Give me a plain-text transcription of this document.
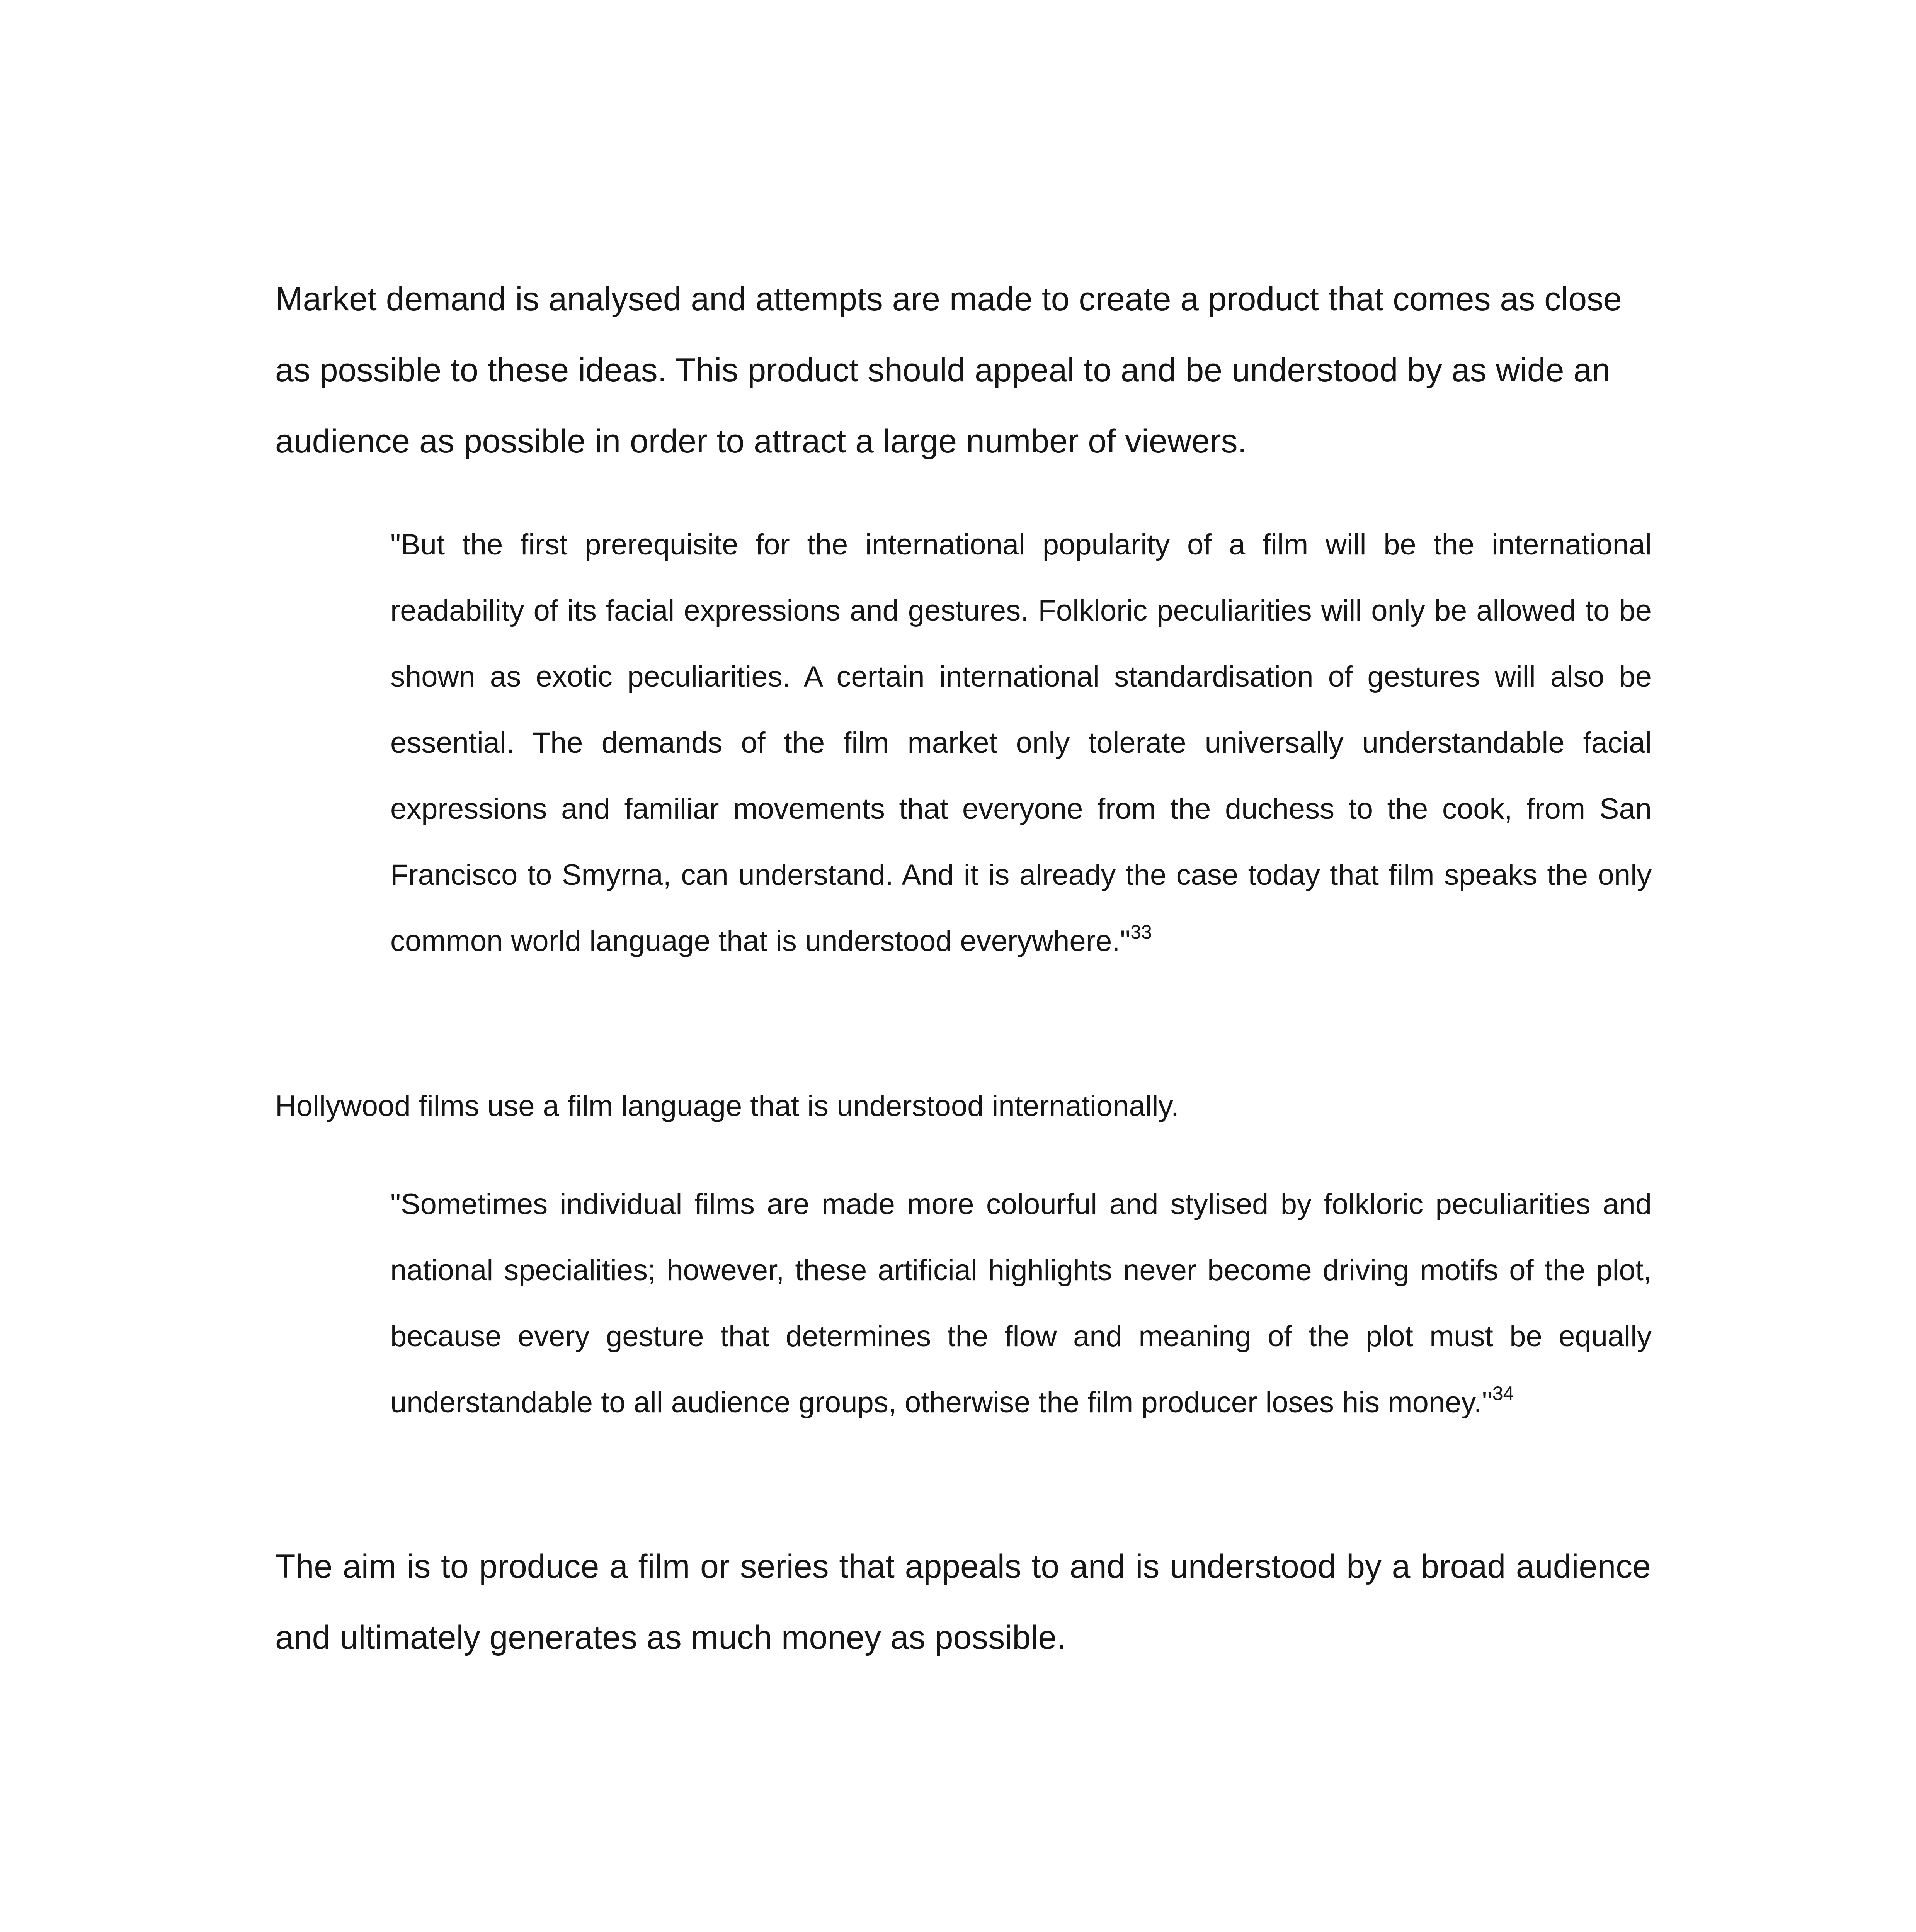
Market demand is analysed and attempts are made to create a product that comes as close as possible to these ideas. This product should appeal to and be understood by as wide an audience as possible in order to attract a large number of viewers.

"But the first prerequisite for the international popularity of a film will be the international readability of its facial expressions and gestures. Folkloric peculiarities will only be allowed to be shown as exotic peculiarities. A certain international standardisation of gestures will also be essential. The demands of the film market only tolerate universally understandable facial expressions and familiar movements that everyone from the duchess to the cook, from San Francisco to Smyrna, can understand. And it is already the case today that film speaks the only common world language that is understood everywhere."$^{33}$

Hollywood films use a film language that is understood internationally.

"Sometimes individual films are made more colourful and stylised by folkloric peculiarities and national specialities; however, these artificial highlights never become driving motifs of the plot, because every gesture that determines the flow and meaning of the plot must be equally understandable to all audience groups, otherwise the film producer loses his money."$^{34}$

The aim is to produce a film or series that appeals to and is understood by a broad audience and ultimately generates as much money as possible.
